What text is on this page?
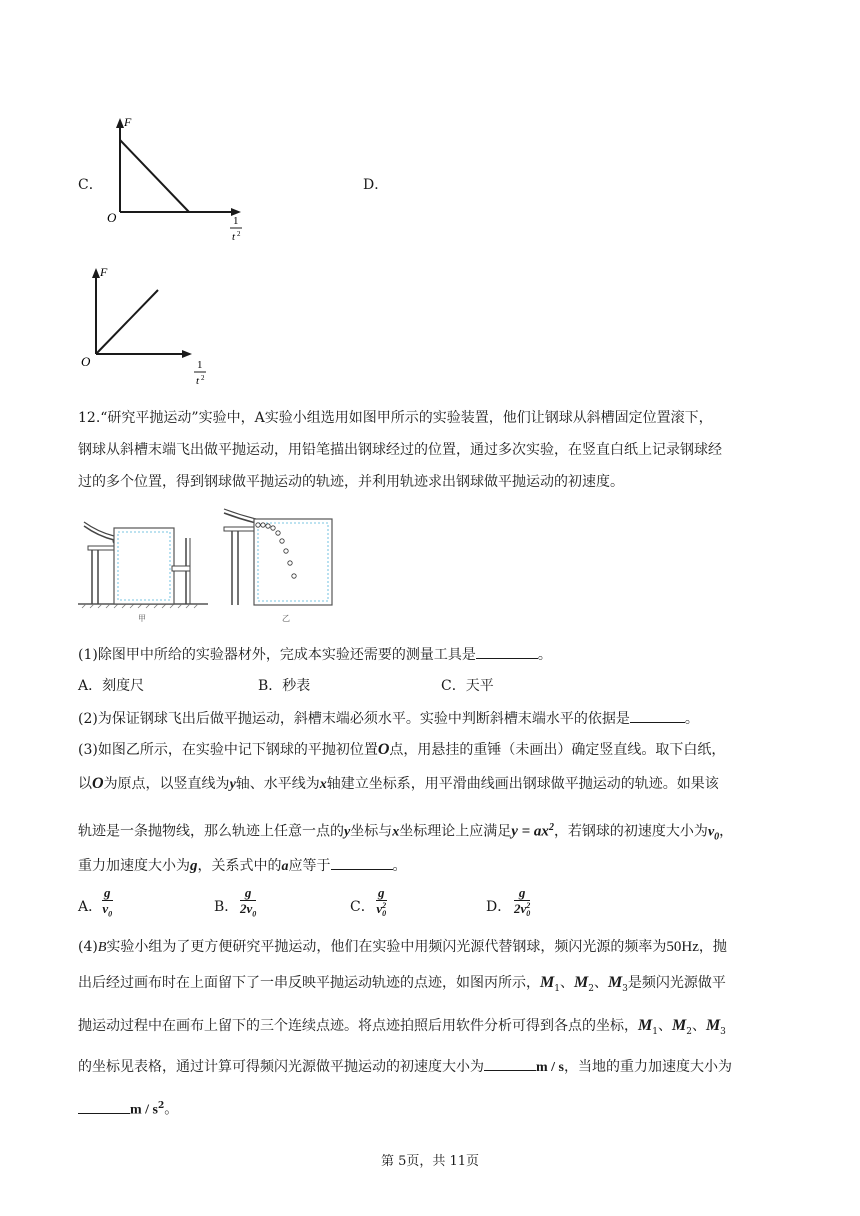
C．
F
O	1
t 2
D．
F
O	1
t 2
12.“研究平抛运动”实验中，A实验小组选用如图甲所示的实验装置，他们让钢球从斜槽固定位置滚下，
钢球从斜槽末端飞出做平抛运动，用铅笔描出钢球经过的位置，通过多次实验，在竖直白纸上记录钢球经
过的多个位置，得到钢球做平抛运动的轨迹，并利用轨迹求出钢球做平抛运动的初速度。
甲	乙
(1)除图甲中所给的实验器材外，完成本实验还需要的测量工具是	。
A．刻度尺	B．秒表	C．天平
(2)为保证钢球飞出后做平抛运动，斜槽末端必须水平。实验中判断斜槽末端水平的依据是	。
(3)如图乙所示，在实验中记下钢球的平抛初位置O点，用悬挂的重锤（未画出）确定竖直线。取下白纸，
以O为原点，以竖直线为y轴、水平线为x轴建立坐标系，用平滑曲线画出钢球做平抛运动的轨迹。如果该
轨迹是一条抛物线，那么轨迹上任意一点的y坐标与x坐标理论上应满足$y = ax^2$，若钢球的初速度大小为$v_0$，
重力加速度大小为g，关系式中的a应等于	。
A． $\frac{g}{v_0}$	B． $\frac{g}{2v_0}$	C． g
v 2
0	D． g
2v 2
0
(4)B实验小组为了更方便研究平抛运动，他们在实验中用频闪光源代替钢球，频闪光源的频率为50Hz，抛
出后经过画布时在上面留下了一串反映平抛运动轨迹的点迹，如图丙所示，$M_1$、$M_2$、$M_3$是频闪光源做平
抛运动过程中在画布上留下的三个连续点迹。将点迹拍照后用软件分析可得到各点的坐标，$M_1$、$M_2$、$M_3$
的坐标见表格，通过计算可得频闪光源做平抛运动的初速度大小为	m / s，当地的重力加速度大小为
m / $s^2$。
第 5页，共 11页
